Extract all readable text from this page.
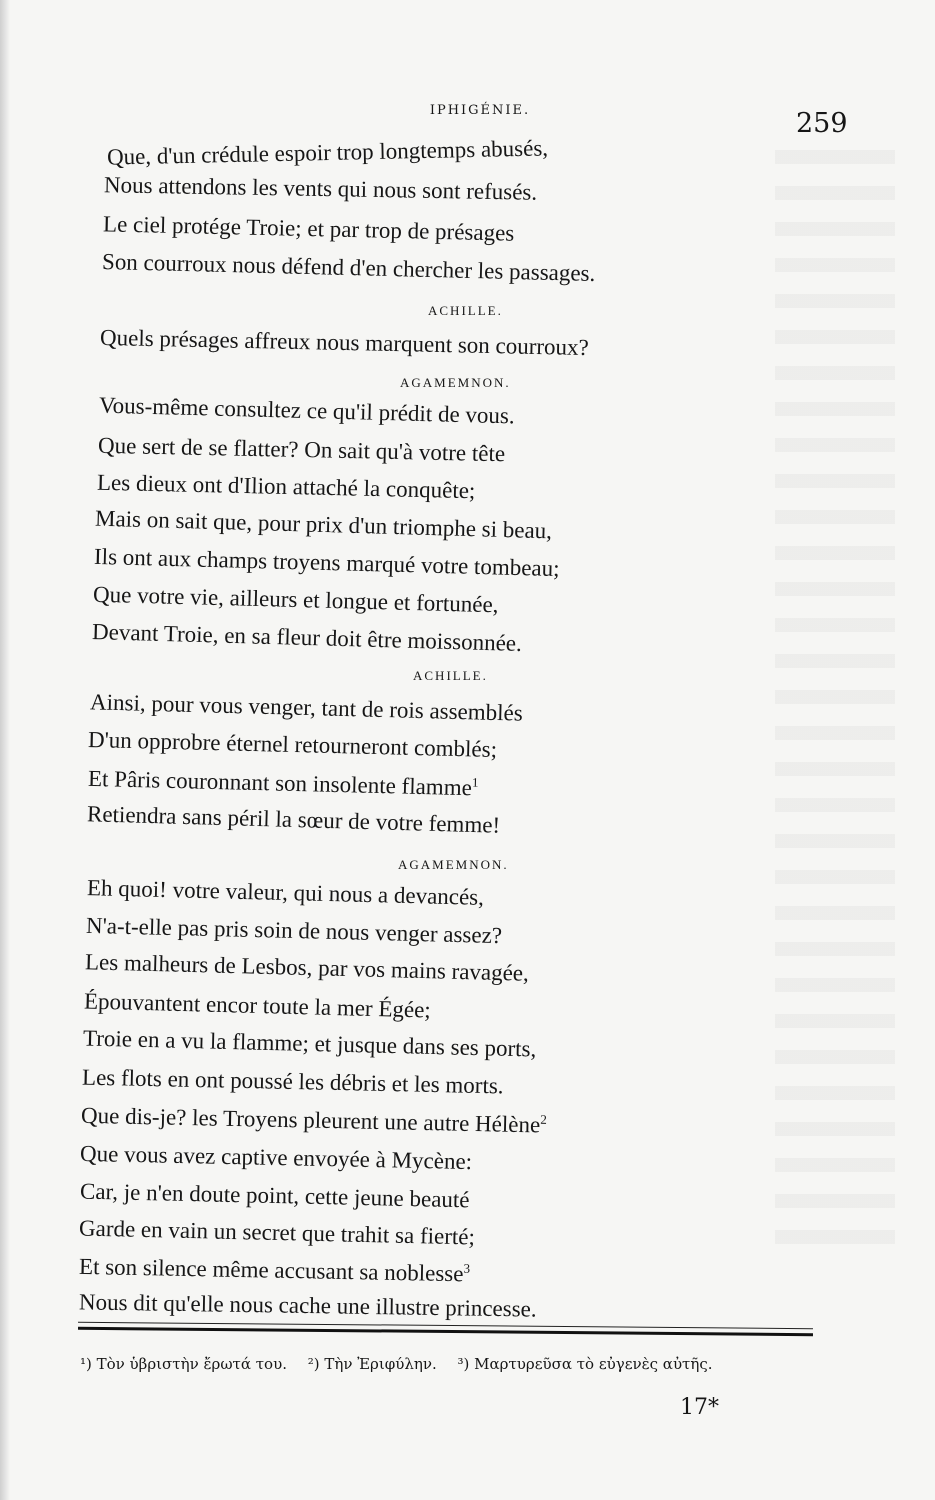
IPHIGÉNIE.	259
Que, d'un crédule espoir trop longtemps abusés,
Nous attendons les vents qui nous sont refusés.
Le ciel protége Troie; et par trop de présages
Son courroux nous défend d'en chercher les passages.
ACHILLE.
Quels présages affreux nous marquent son courroux?
AGAMEMNON.
Vous-même consultez ce qu'il prédit de vous.
Que sert de se flatter? On sait qu'à votre tête
Les dieux ont d'Ilion attaché la conquête;
Mais on sait que, pour prix d'un triomphe si beau,
Ils ont aux champs troyens marqué votre tombeau;
Que votre vie, ailleurs et longue et fortunée,
Devant Troie, en sa fleur doit être moissonnée.
ACHILLE.
Ainsi, pour vous venger, tant de rois assemblés
D'un opprobre éternel retourneront comblés;
Et Pâris couronnant son insolente flamme$^1$
Retiendra sans péril la sœur de votre femme!
AGAMEMNON.
Eh quoi! votre valeur, qui nous a devancés,
N'a-t-elle pas pris soin de nous venger assez?
Les malheurs de Lesbos, par vos mains ravagée,
Épouvantent encor toute la mer Égée;
Troie en a vu la flamme; et jusque dans ses ports,
Les flots en ont poussé les débris et les morts.
Que dis-je? les Troyens pleurent une autre Hélène$^2$
Que vous avez captive envoyée à Mycène:
Car, je n'en doute point, cette jeune beauté
Garde en vain un secret que trahit sa fierté;
Et son silence même accusant sa noblesse$^3$
Nous dit qu'elle nous cache une illustre princesse.
¹) Τὸν ὑβριστὴν ἔρωτά του. ²) Τὴν Ἐριφύλην. ³) Μαρτυρεῦσα τὸ εὐγενὲς αὐτῆς.
17*
